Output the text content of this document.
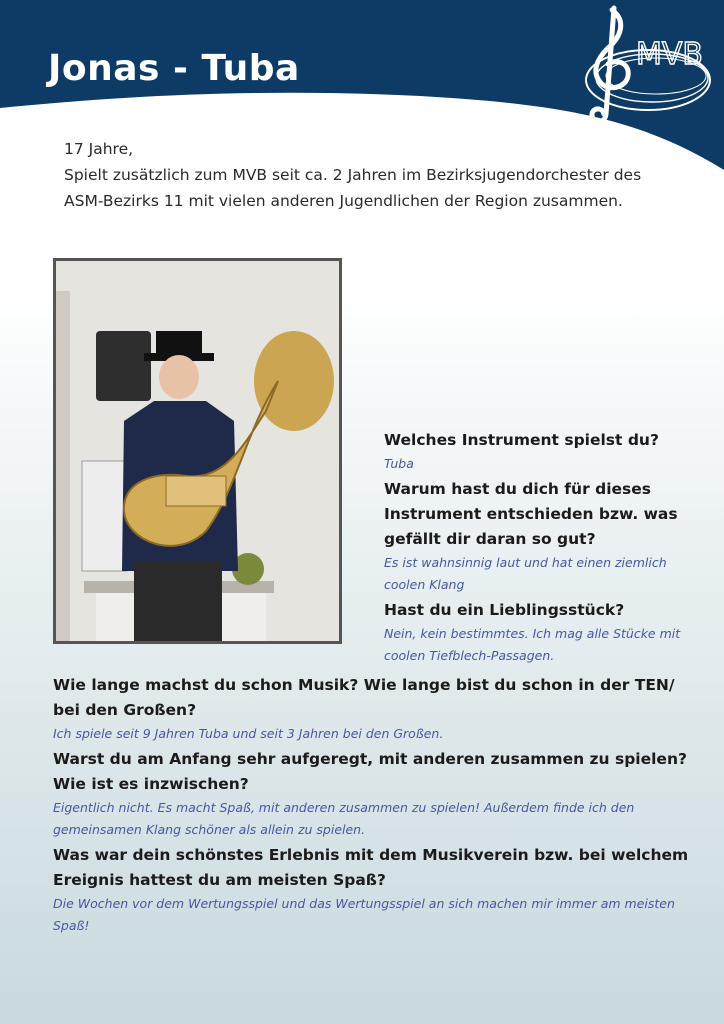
Jonas - Tuba	MVB

17 Jahre,

Spielt zusätzlich zum MVB seit ca. 2 Jahren im Bezirksjugendorchester des ASM-Bezirks 11 mit vielen anderen Jugendlichen der Region zusammen.

Welches Instrument spielst du?

Tuba

Warum hast du dich für dieses Instrument entschieden bzw. was gefällt dir daran so gut?

Es ist wahnsinnig laut und hat einen ziemlich coolen Klang

Hast du ein Lieblingsstück?

Nein, kein bestimmtes. Ich mag alle Stücke mit coolen Tiefblech-Passagen.

Wie lange machst du schon Musik? Wie lange bist du schon in der TEN/ bei den Großen?

Ich spiele seit 9 Jahren Tuba und seit 3 Jahren bei den Großen.

Warst du am Anfang sehr aufgeregt, mit anderen zusammen zu spielen? Wie ist es inzwischen?

Eigentlich nicht. Es macht Spaß, mit anderen zusammen zu spielen! Außerdem finde ich den gemeinsamen Klang schöner als allein zu spielen.

Was war dein schönstes Erlebnis mit dem Musikverein bzw. bei welchem Ereignis hattest du am meisten Spaß?

Die Wochen vor dem Wertungsspiel und das Wertungsspiel an sich machen mir immer am meisten Spaß!
